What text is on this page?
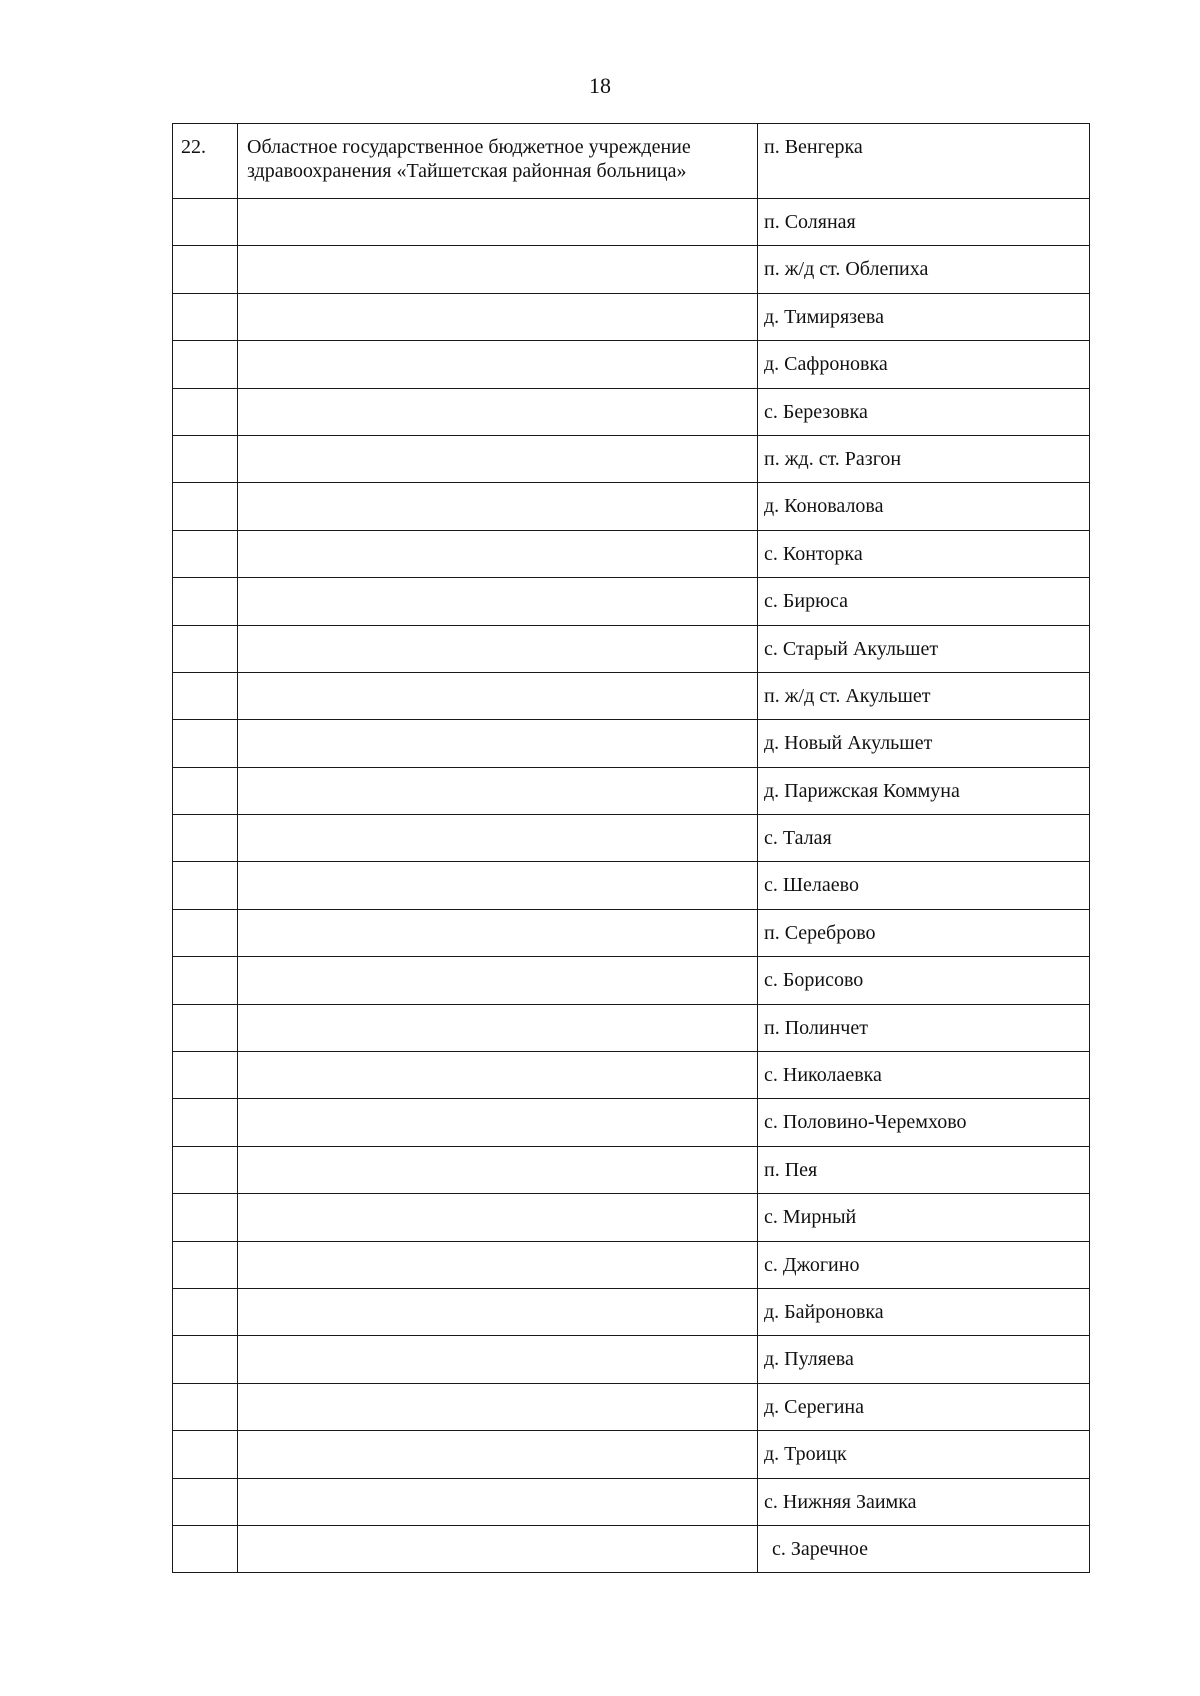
18
22.	Областное государственное бюджетное учреждение здравоохранения «Тайшетская районная больница»	п. Венгерка
		п. Соляная
		п. ж/д ст. Облепиха
		д. Тимирязева
		д. Сафроновка
		с. Березовка
		п. жд. ст. Разгон
		д. Коновалова
		с. Конторка
		с. Бирюса
		с. Старый Акульшет
		п. ж/д ст. Акульшет
		д. Новый Акульшет
		д. Парижская Коммуна
		с. Талая
		с. Шелаево
		п. Сереброво
		с. Борисово
		п. Полинчет
		с. Николаевка
		с. Половино-Черемхово
		п. Пея
		с. Мирный
		с. Джогино
		д. Байроновка
		д. Пуляева
		д. Серегина
		д. Троицк
		с. Нижняя Заимка
		с. Заречное
